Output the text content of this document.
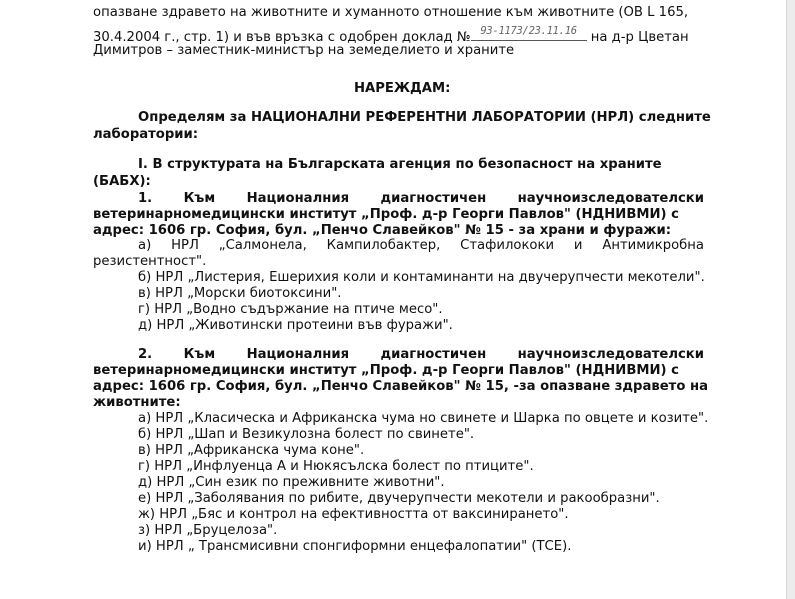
опазване здравето на животните и хуманното отношение към животните (ОВ L 165,

30.4.2004 г., стр. 1) и във връзка с одобрен доклад № 93-1173/23.11.16 на д-р Цветан

Димитров – заместник-министър на земеделието и храните

НАРЕЖДАМ:

Определям за НАЦИОНАЛНИ РЕФЕРЕНТНИ ЛАБОРАТОРИИ (НРЛ) следните

лаборатории:

I. В структурата на Българската агенция по безопасност на храните

(БАБХ):

1. Към Националния диагностичен научноизследователски

ветеринарномедицински институт „Проф. д-р Георги Павлов" (НДНИВМИ) с

адрес: 1606 гр. София, бул. „Пенчо Славейков" № 15 - за храни и фуражи:

а) НРЛ „Салмонела, Кампилобактер, Стафилококи и Антимикробна

резистентност".

б) НРЛ „Листерия, Ешерихия коли и контаминанти на двучерупчести мекотели".

в) НРЛ „Морски биотоксини".

г) НРЛ „Водно съдържание на птиче месо".

д) НРЛ „Животински протеини във фуражи".

2. Към Националния диагностичен научноизследователски

ветеринарномедицински институт „Проф. д-р Георги Павлов" (НДНИВМИ) с

адрес: 1606 гр. София, бул. „Пенчо Славейков" № 15, -за опазване здравето на

животните:

а) НРЛ „Класическа и Африканска чума но свинете и Шарка по овцете и козите".

б) НРЛ „Шап и Везикулозна болест по свинете".

в) НРЛ „Африканска чума коне".

г) НРЛ „Инфлуенца А и Нюкясълска болест по птиците".

д) НРЛ „Син език по преживните животни".

е) НРЛ „Заболявания по рибите, двучерупчести мекотели и ракообразни".

ж) НРЛ „Бяс и контрол на ефективността от ваксинирането".

з) НРЛ „Бруцелоза".

и) НРЛ „ Трансмисивни спонгиформни енцефалопатии" (ТСЕ).
